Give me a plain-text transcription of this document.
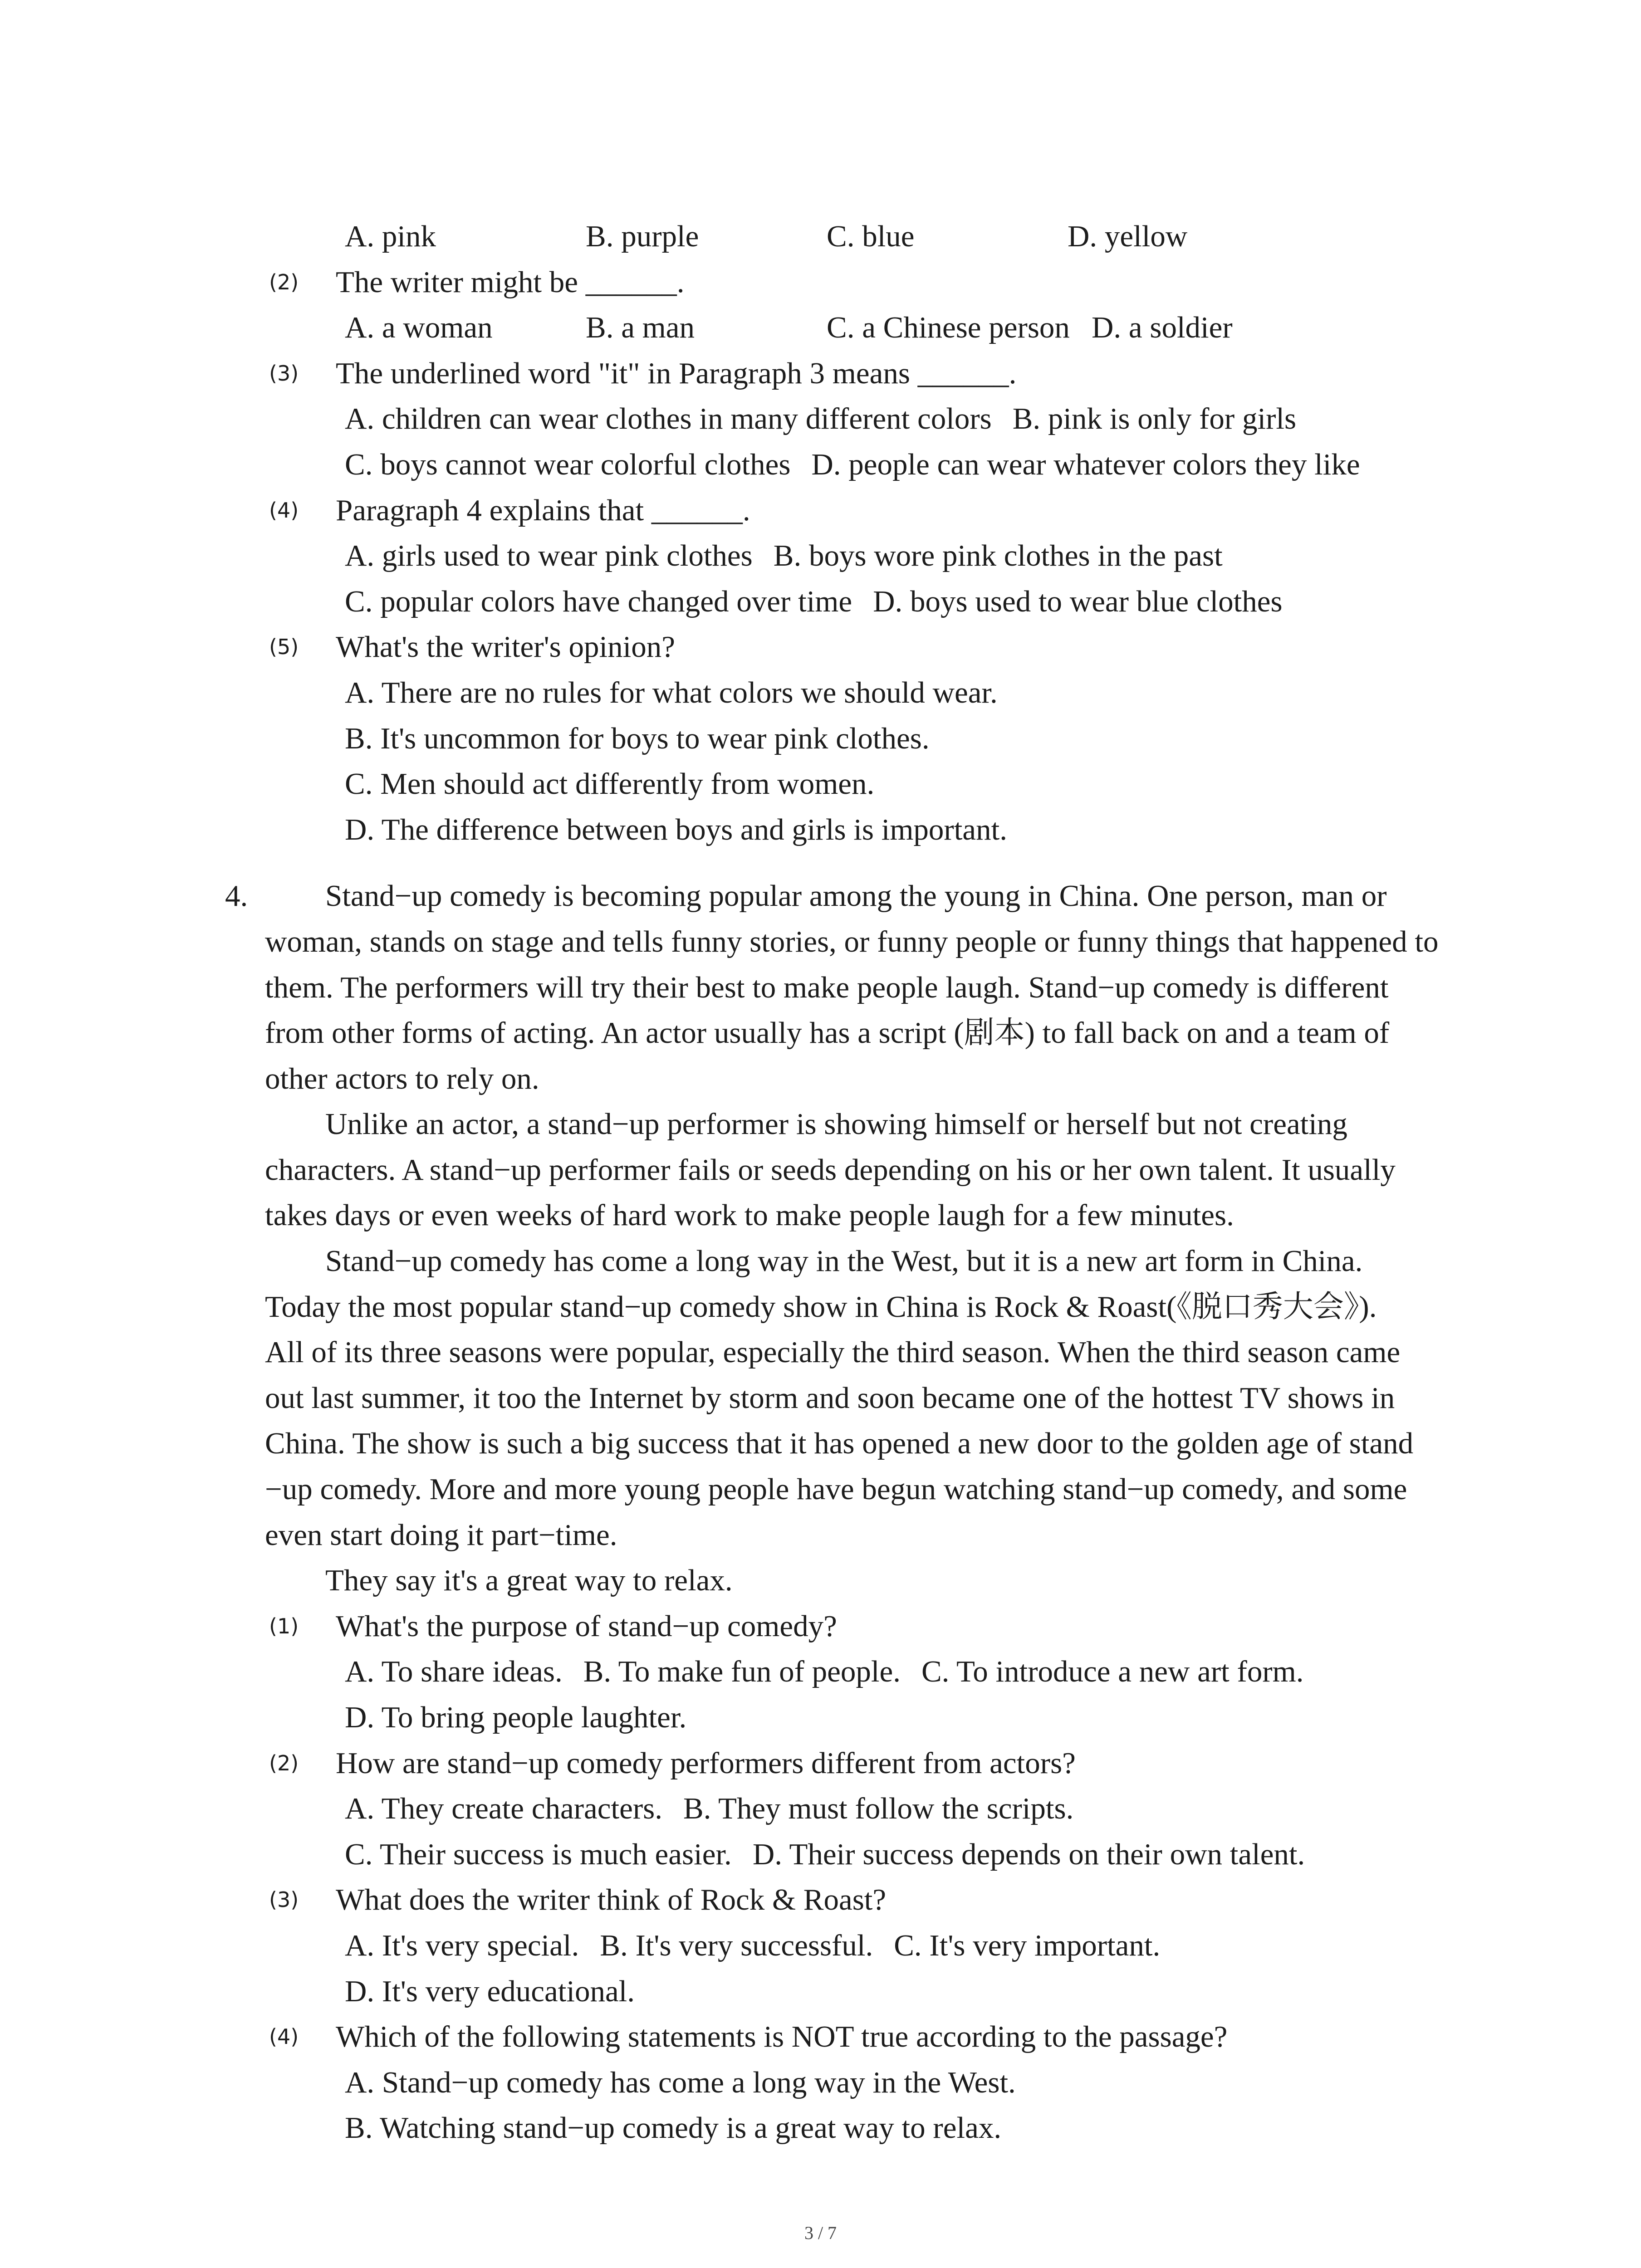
A. pink	B. purple	C. blue	D. yellow
(2) The writer might be ______.
A. a woman	B. a man	C. a Chinese person D. a soldier
(3) The underlined word "it" in Paragraph 3 means ______.
A. children can wear clothes in many different colors B. pink is only for girls
C. boys cannot wear colorful clothes D. people can wear whatever colors they like
(4) Paragraph 4 explains that ______.
A. girls used to wear pink clothes B. boys wore pink clothes in the past
C. popular colors have changed over time D. boys used to wear blue clothes
(5) What's the writer's opinion?
A. There are no rules for what colors we should wear.
B. It's uncommon for boys to wear pink clothes.
C. Men should act differently from women.
D. The difference between boys and girls is important.
4.	Stand−up comedy is becoming popular among the young in China. One person, man or
woman, stands on stage and tells funny stories, or funny people or funny things that happened to
them. The performers will try their best to make people laugh. Stand−up comedy is different
from other forms of acting. An actor usually has a script (剧本) to fall back on and a team of
other actors to rely on.
Unlike an actor, a stand−up performer is showing himself or herself but not creating
characters. A stand−up performer fails or seeds depending on his or her own talent. It usually
takes days or even weeks of hard work to make people laugh for a few minutes.
Stand−up comedy has come a long way in the West, but it is a new art form in China.
Today the most popular stand−up comedy show in China is Rock & Roast(《脱口秀大会》).
All of its three seasons were popular, especially the third season. When the third season came
out last summer, it too the Internet by storm and soon became one of the hottest TV shows in
China. The show is such a big success that it has opened a new door to the golden age of stand
−up comedy. More and more young people have begun watching stand−up comedy, and some
even start doing it part−time.
They say it's a great way to relax.
(1) What's the purpose of stand−up comedy?
A. To share ideas. B. To make fun of people. C. To introduce a new art form.
D. To bring people laughter.
(2) How are stand−up comedy performers different from actors?
A. They create characters. B. They must follow the scripts.
C. Their success is much easier. D. Their success depends on their own talent.
(3) What does the writer think of Rock & Roast?
A. It's very special. B. It's very successful. C. It's very important.
D. It's very educational.
(4) Which of the following statements is NOT true according to the passage?
A. Stand−up comedy has come a long way in the West.
B. Watching stand−up comedy is a great way to relax.
3 / 7
